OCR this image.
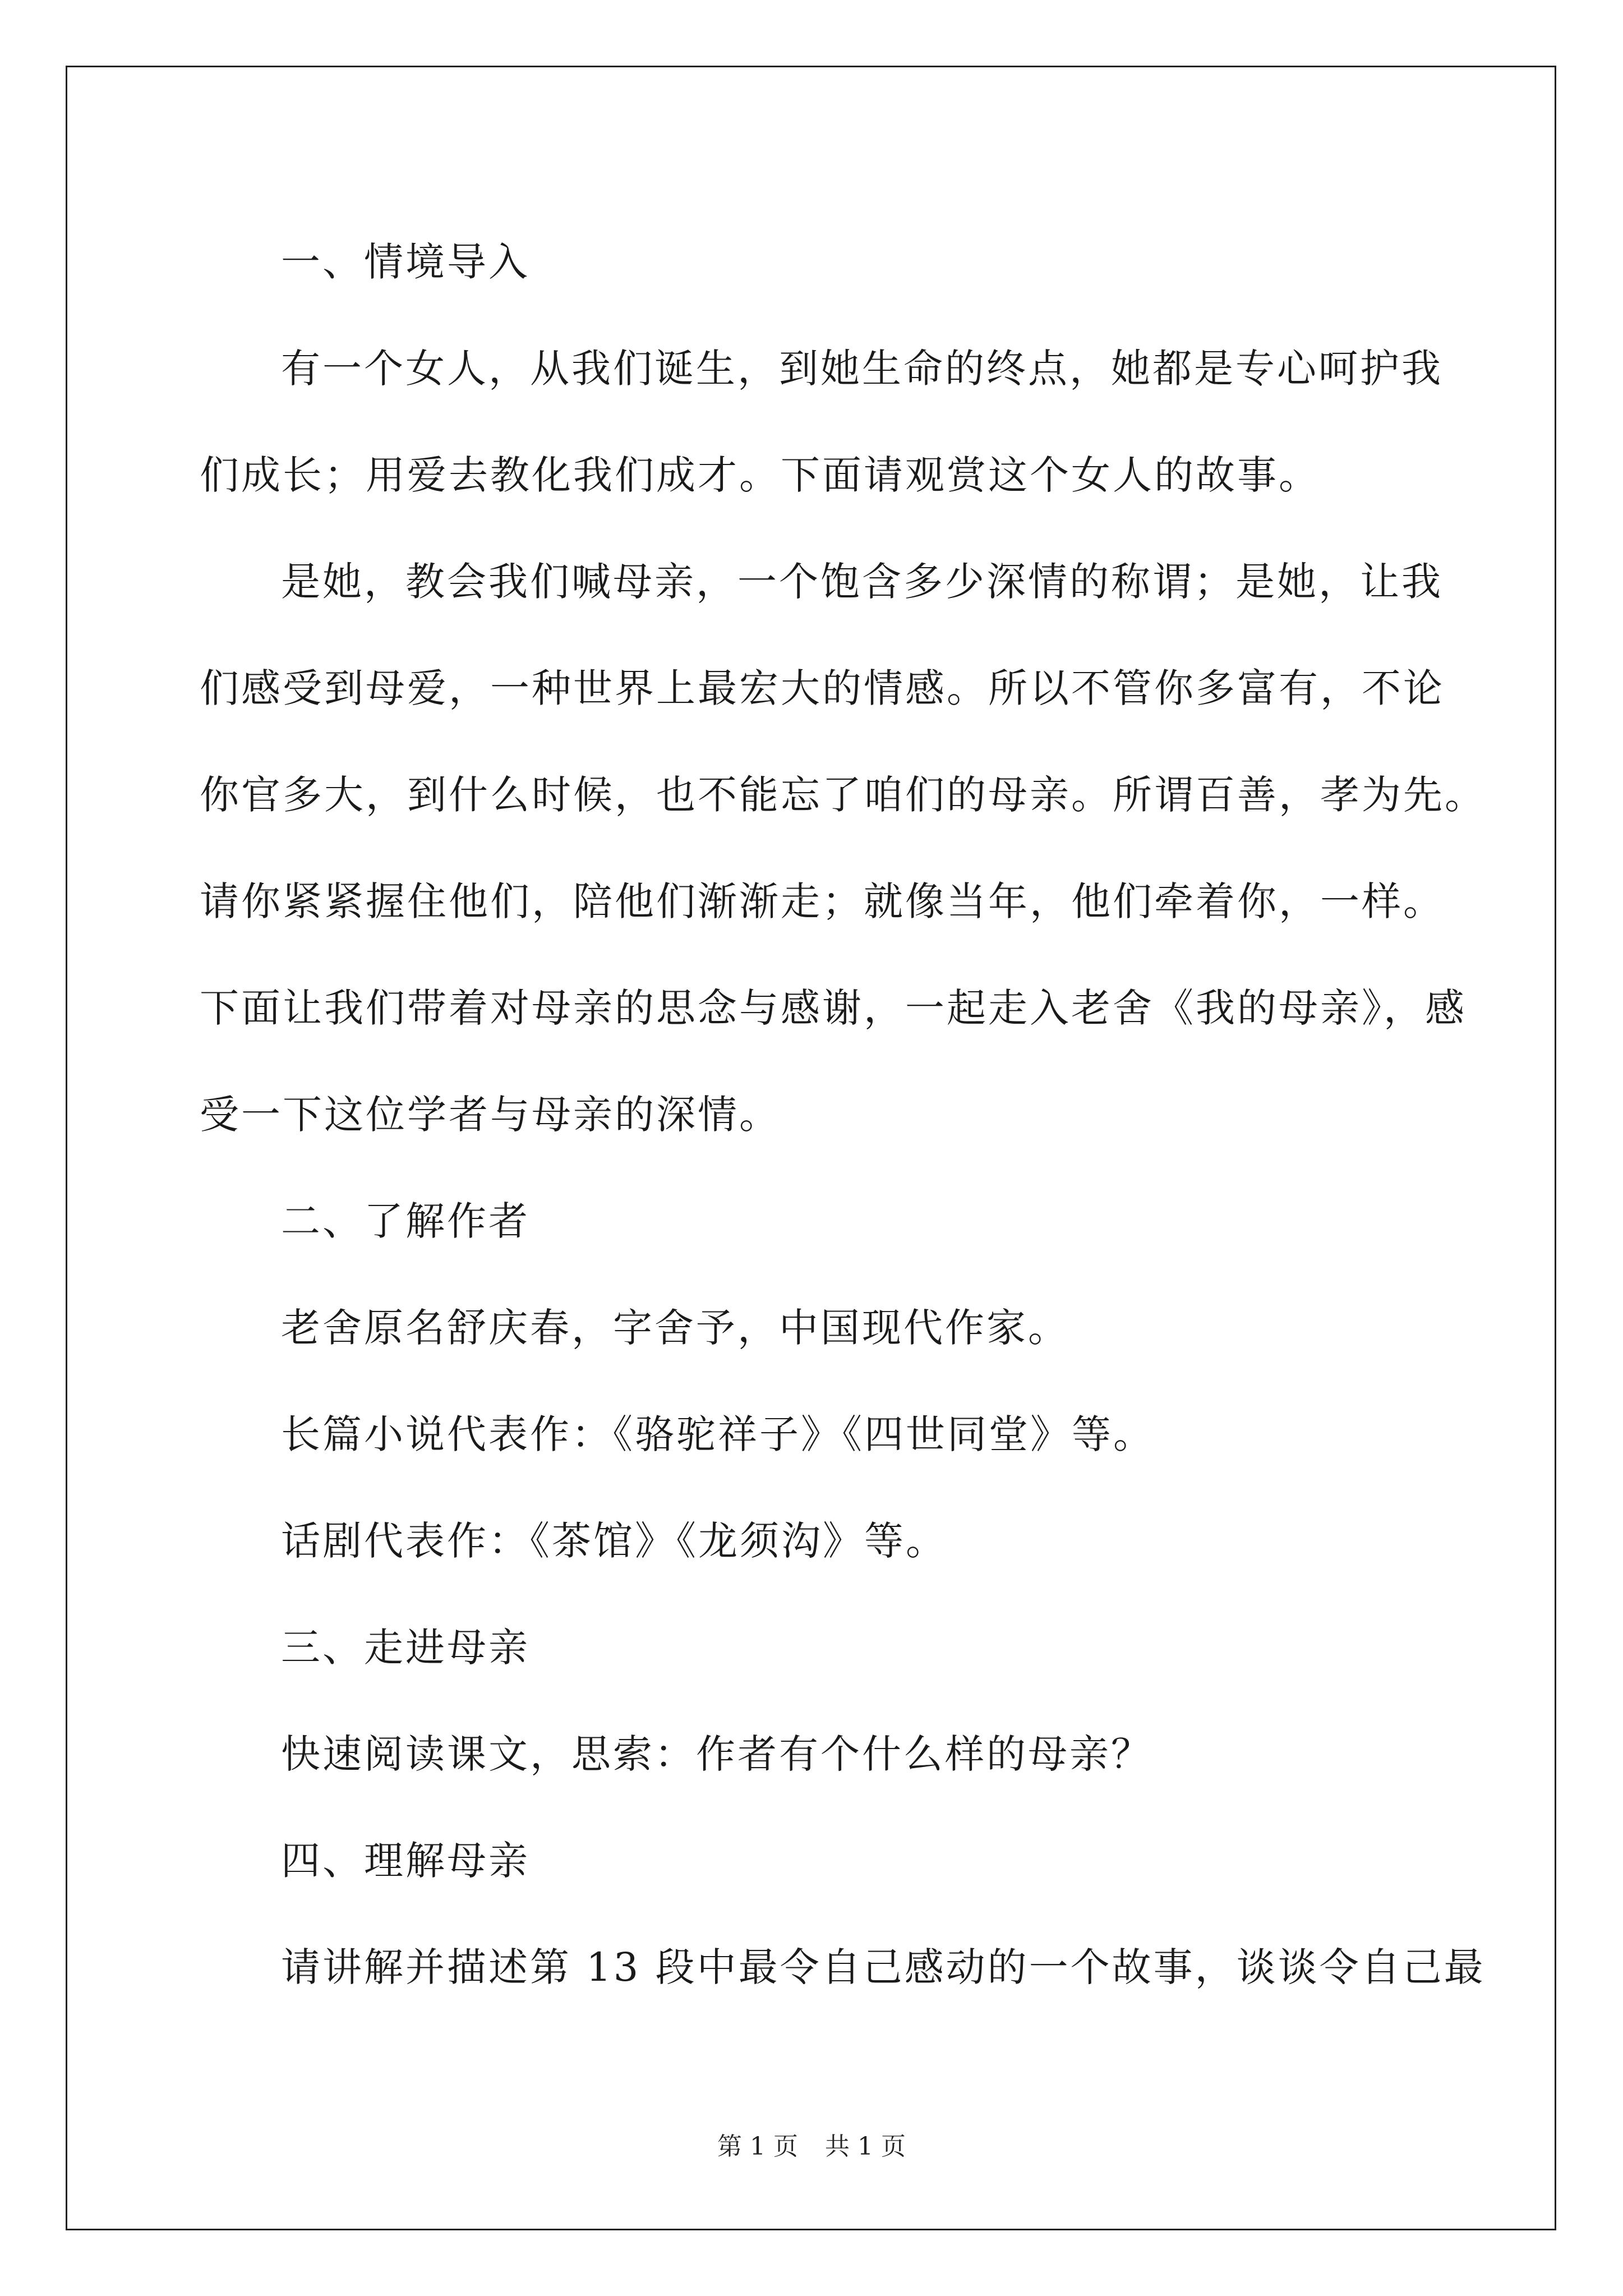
一、情境导入
有一个女人，从我们诞生，到她生命的终点，她都是专心呵护我
们成长；用爱去教化我们成才。下面请观赏这个女人的故事。
是她，教会我们喊母亲，一个饱含多少深情的称谓；是她，让我
们感受到母爱，一种世界上最宏大的情感。所以不管你多富有，不论
你官多大，到什么时候，也不能忘了咱们的母亲。所谓百善，孝为先。
请你紧紧握住他们，陪他们渐渐走；就像当年，他们牵着你，一样。
下面让我们带着对母亲的思念与感谢，一起走入老舍《我的母亲》，感
受一下这位学者与母亲的深情。
二、了解作者
老舍原名舒庆春，字舍予，中国现代作家。
长篇小说代表作：《骆驼祥子》《四世同堂》等。
话剧代表作：《茶馆》《龙须沟》等。
三、走进母亲
快速阅读课文，思索：作者有个什么样的母亲？
四、理解母亲
请讲解并描述第 13 段中最令自己感动的一个故事，谈谈令自己最
第 1 页 共 1 页
